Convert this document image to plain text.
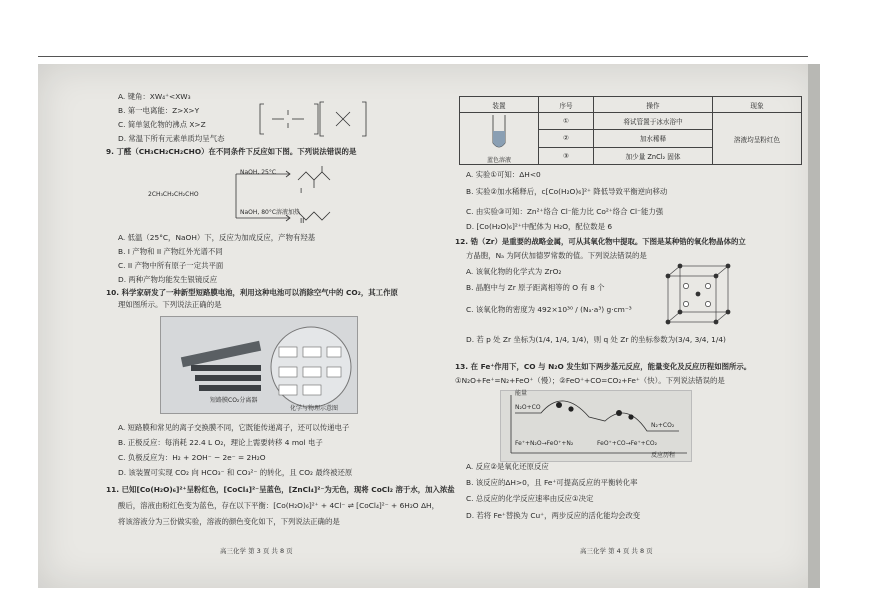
A. 键角：XW₄⁺<XW₃
B. 第一电离能：Z>X>Y
C. 简单氢化物的沸点 X>Z
D. 常温下所有元素单质均呈气态
9. 丁醛（CH₃CH₂CH₂CHO）在不同条件下反应如下图。下列说法错误的是
2CH₃CH₂CH₂CHO
NaOH, 25°C
NaOH, 80°C溶液加热
I
II
A. 低温（25°C，NaOH）下，反应为加成反应，产物有羟基
B. I 产物和 II 产物红外光谱不同
C. II 产物中所有原子一定共平面
D. 两种产物均能发生银镜反应
10. 科学家研发了一种新型短路膜电池，利用这种电池可以消除空气中的 CO₂，其工作原
理如图所示。下列说法正确的是
短路膜CO₂分离器
化学与物理示意图
A. 短路膜和常见的离子交换膜不同，它既能传递离子，还可以传递电子
B. 正极反应：每消耗 22.4 L O₂，理论上需要转移 4 mol 电子
C. 负极反应为：H₂ + 2OH⁻ − 2e⁻ = 2H₂O
D. 该装置可实现 CO₂ 向 HCO₃⁻ 和 CO₃²⁻ 的转化，且 CO₂ 最终被还原
11. 已知[Co(H₂O)₆]²⁺呈粉红色，[CoCl₄]²⁻呈蓝色，[ZnCl₄]²⁻为无色，现将 CoCl₂ 溶于水，加入浓盐
酸后，溶液由粉红色变为蓝色，存在以下平衡：[Co(H₂O)₆]²⁺ + 4Cl⁻ ⇌ [CoCl₄]²⁻ + 6H₂O ΔH，
将该溶液分为三份做实验，溶液的颜色变化如下，下列说法正确的是
高三化学 第 3 页 共 8 页
装置	序号	操作	现象

蓝色溶液	①	将试管置于冰水浴中	溶液均呈粉红色
	②	加水稀释	
	③	加少量 ZnCl₂ 固体	
A. 实验①可知：ΔH<0
B. 实验②加水稀释后，c[Co(H₂O)₆]²⁺ 降低导致平衡逆向移动
C. 由实验③可知：Zn²⁺络合 Cl⁻能力比 Co²⁺络合 Cl⁻能力强
D. [Co(H₂O)₆]²⁺中配体为 H₂O，配位数是 6
12. 锆（Zr）是重要的战略金属，可从其氧化物中提取。下图是某种锆的氧化物晶体的立
方晶胞，Nₐ 为阿伏加德罗常数的值。下列说法错误的是
A. 该氧化物的化学式为 ZrO₂
B. 晶胞中与 Zr 原子距离相等的 O 有 8 个
C. 该氧化物的密度为 492×10³⁰ / (Nₐ·a³) g·cm⁻³
D. 若 p 处 Zr 坐标为(1/4, 1/4, 1/4)，则 q 处 Zr 的坐标参数为(3/4, 3/4, 1/4)
13. 在 Fe⁺作用下，CO 与 N₂O 发生如下两步基元反应，能量变化及反应历程如图所示。
①N₂O+Fe⁺=N₂+FeO⁺（慢）；②FeO⁺+CO=CO₂+Fe⁺（快）。下列说法错误的是
能量
反应历程
N₂O+CO
Fe⁺+N₂O→FeO⁺+N₂	FeO⁺+CO→Fe⁺+CO₂
N₂+CO₂
A. 反应②是氧化还原反应
B. 该反应的ΔH>0，且 Fe⁺可提高反应的平衡转化率
C. 总反应的化学反应速率由反应①决定
D. 若将 Fe⁺替换为 Cu⁺，两步反应的活化能均会改变
高三化学 第 4 页 共 8 页
